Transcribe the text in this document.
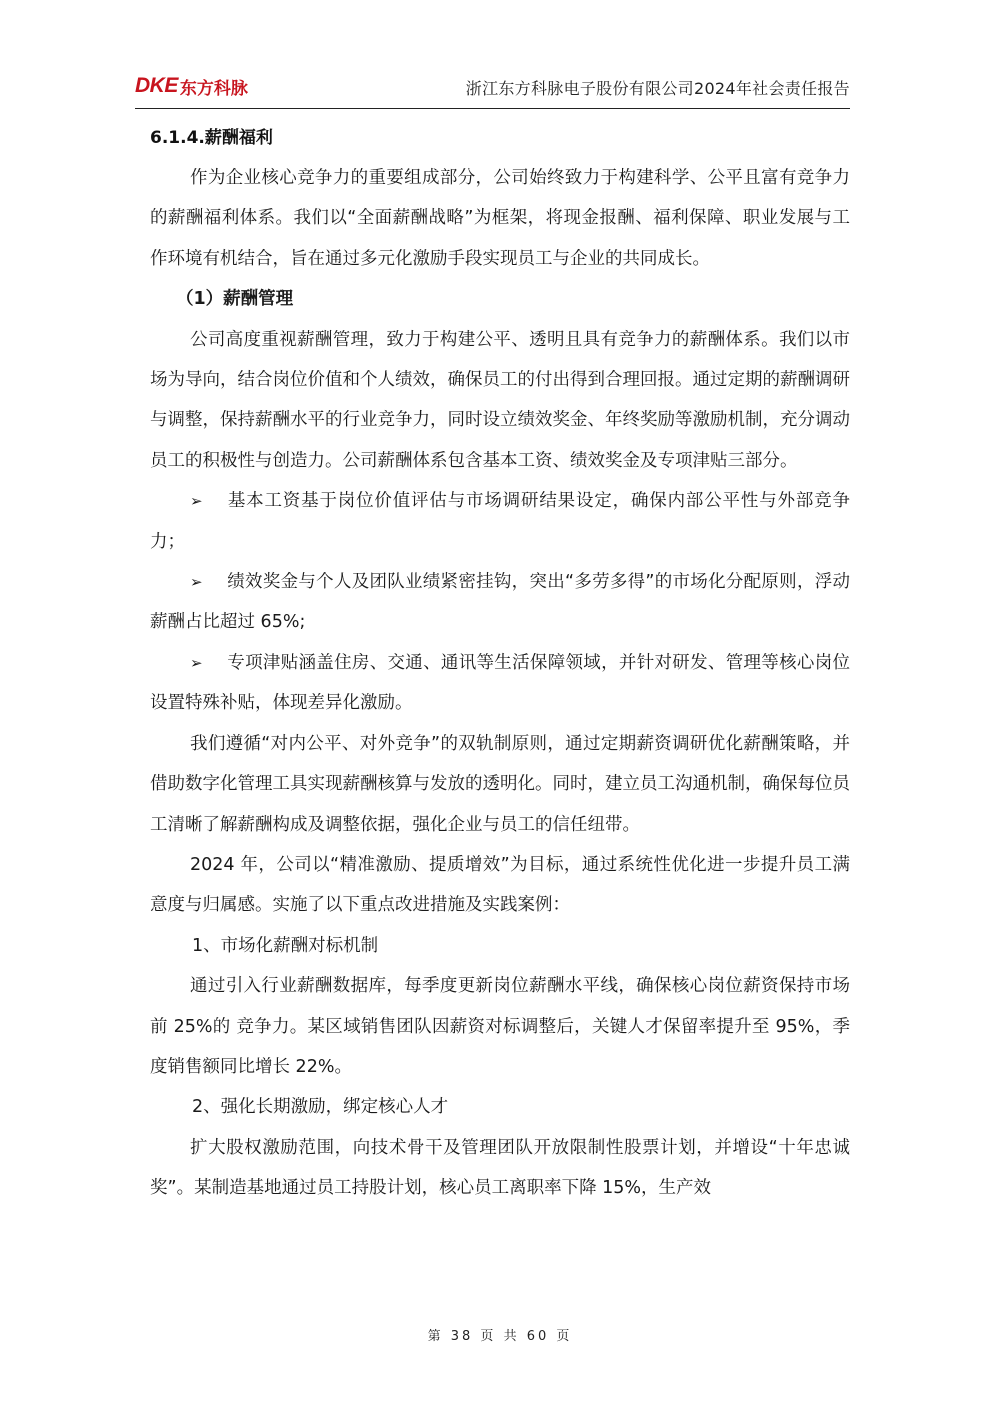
DKE 东方科脉	浙江东方科脉电子股份有限公司2024年社会责任报告
6.1.4.薪酬福利

作为企业核心竞争力的重要组成部分，公司始终致力于构建科学、公平且富有竞争力的薪酬福利体系。我们以“全面薪酬战略”为框架，将现金报酬、福利保障、职业发展与工作环境有机结合，旨在通过多元化激励手段实现员工与企业的共同成长。

（1）薪酬管理

公司高度重视薪酬管理，致力于构建公平、透明且具有竞争力的薪酬体系。我们以市场为导向，结合岗位价值和个人绩效，确保员工的付出得到合理回报。通过定期的薪酬调研与调整，保持薪酬水平的行业竞争力，同时设立绩效奖金、年终奖励等激励机制，充分调动员工的积极性与创造力。公司薪酬体系包含基本工资、绩效奖金及专项津贴三部分。

➢ 基本工资基于岗位价值评估与市场调研结果设定，确保内部公平性与外部竞争力；

➢ 绩效奖金与个人及团队业绩紧密挂钩，突出“多劳多得”的市场化分配原则，浮动薪酬占比超过 65%;

➢ 专项津贴涵盖住房、交通、通讯等生活保障领域，并针对研发、管理等核心岗位设置特殊补贴，体现差异化激励。

我们遵循“对内公平、对外竞争”的双轨制原则，通过定期薪资调研优化薪酬策略，并借助数字化管理工具实现薪酬核算与发放的透明化。同时，建立员工沟通机制，确保每位员工清晰了解薪酬构成及调整依据，强化企业与员工的信任纽带。

2024 年，公司以“精准激励、提质增效”为目标，通过系统性优化进一步提升员工满意度与归属感。实施了以下重点改进措施及实践案例：

1、市场化薪酬对标机制

通过引入行业薪酬数据库，每季度更新岗位薪酬水平线，确保核心岗位薪资保持市场前 25%的 竞争力。某区域销售团队因薪资对标调整后，关键人才保留率提升至 95%，季度销售额同比增长 22%。

2、强化长期激励，绑定核心人才

扩大股权激励范围，向技术骨干及管理团队开放限制性股票计划，并增设“十年忠诚奖”。某制造基地通过员工持股计划，核心员工离职率下降 15%，生产效

第 38 页 共 60 页
